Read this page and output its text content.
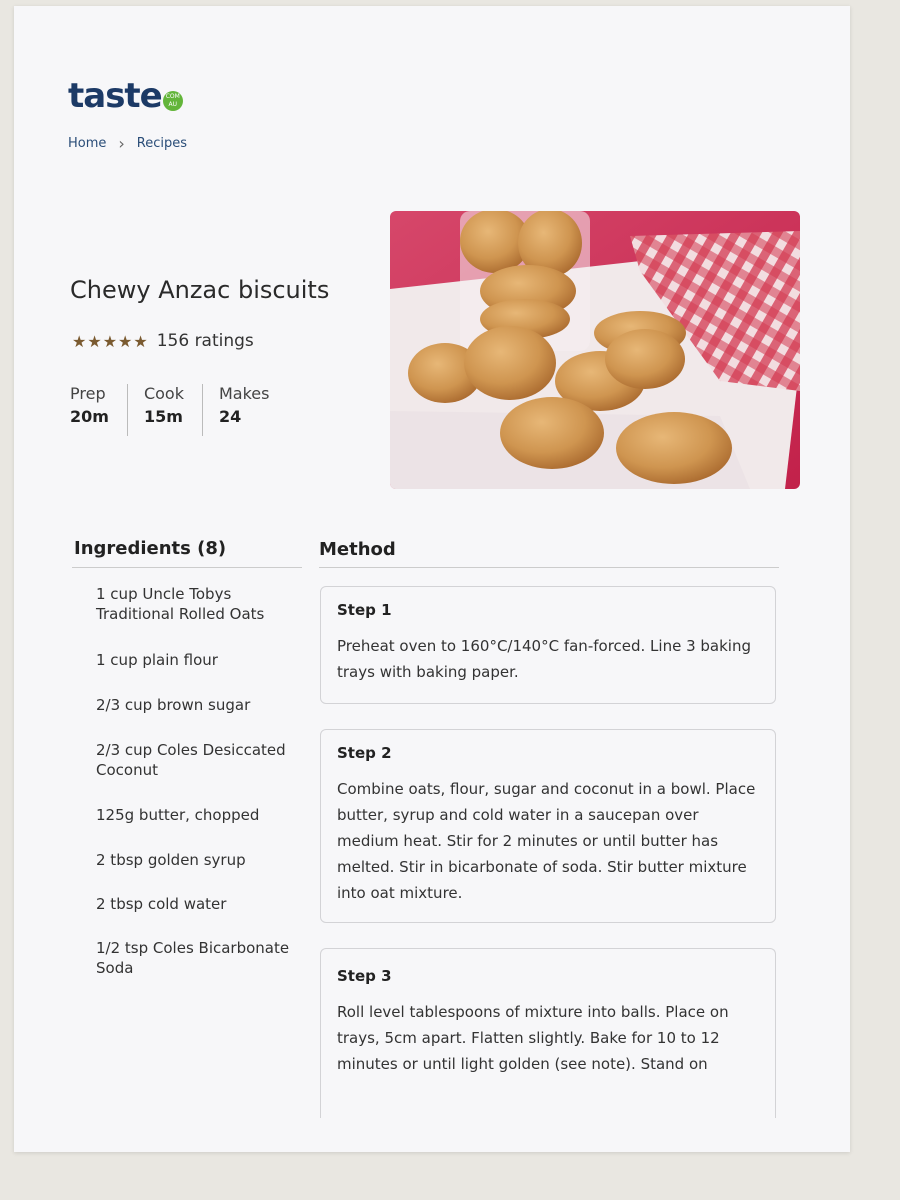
taste COM
AU
Home › Recipes
Chewy Anzac biscuits
★★★★★ 156 ratings
Prep
20m
Cook
15m
Makes
24
Ingredients (8)
1 cup Uncle Tobys Traditional Rolled Oats
1 cup plain flour
2/3 cup brown sugar
2/3 cup Coles Desiccated Coconut
125g butter, chopped
2 tbsp golden syrup
2 tbsp cold water
1/2 tsp Coles Bicarbonate Soda
Method
Step 1
Preheat oven to 160°C/140°C fan-forced. Line 3 baking trays with baking paper.
Step 2
Combine oats, flour, sugar and coconut in a bowl. Place butter, syrup and cold water in a saucepan over medium heat. Stir for 2 minutes or until butter has melted. Stir in bicarbonate of soda. Stir butter mixture into oat mixture.
Step 3
Roll level tablespoons of mixture into balls. Place on trays, 5cm apart. Flatten slightly. Bake for 10 to 12 minutes or until light golden (see note). Stand on
